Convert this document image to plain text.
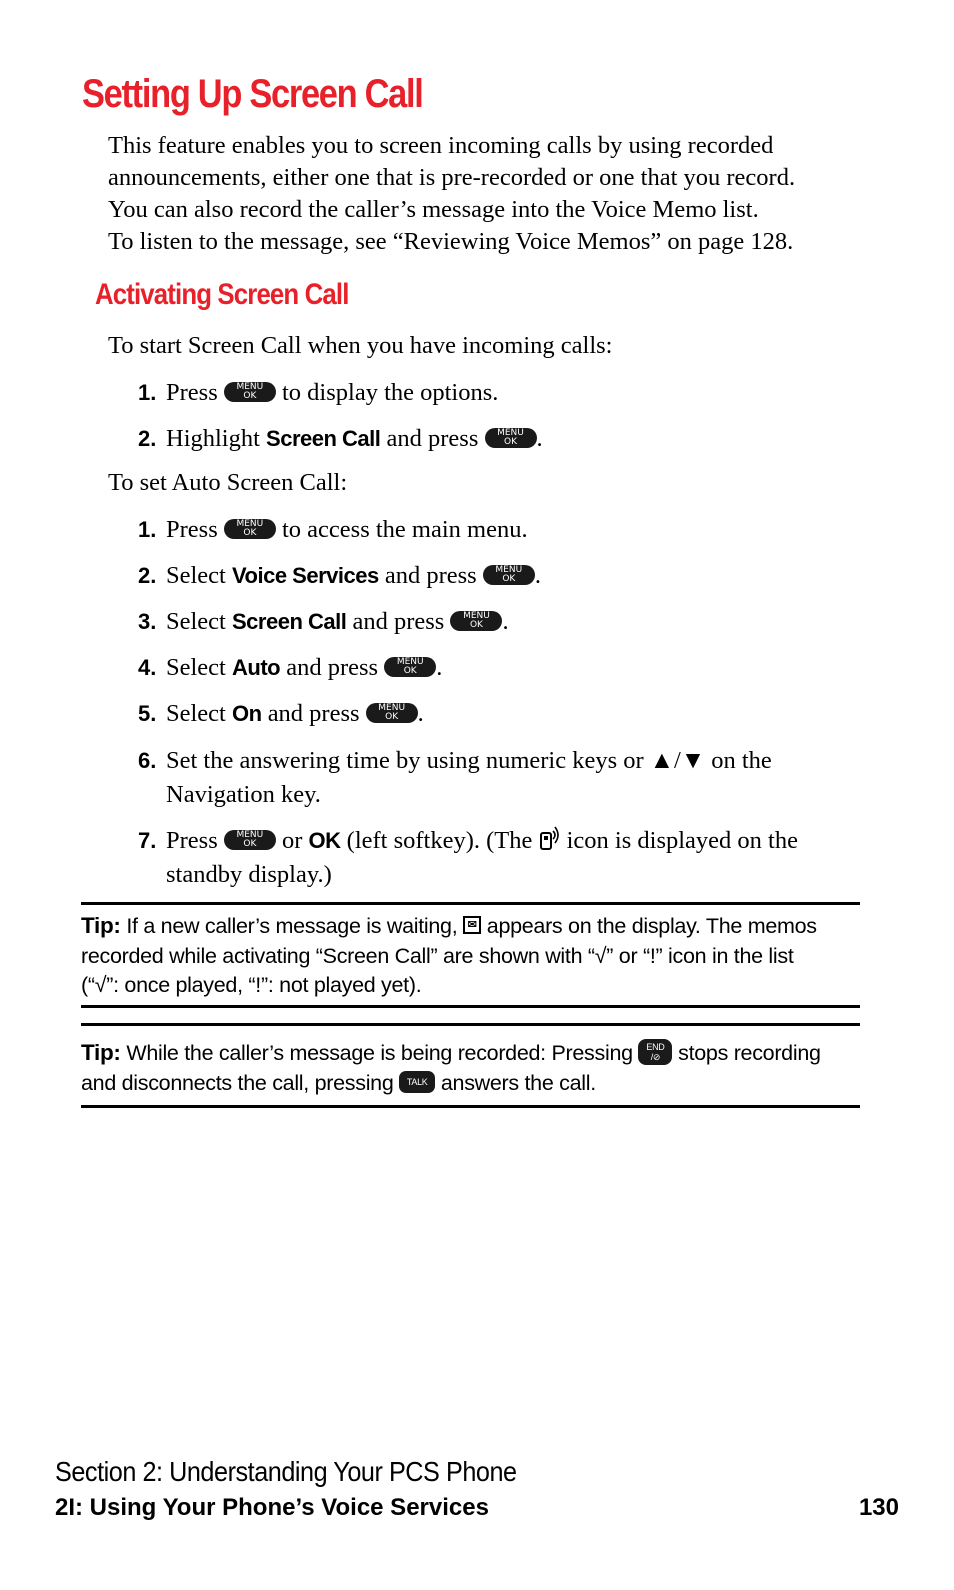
Setting Up Screen Call
This feature enables you to screen incoming calls by using recorded
announcements, either one that is pre-recorded or one that you record.
You can also record the caller’s message into the Voice Memo list.
To listen to the message, see “Reviewing Voice Memos” on page 128.
Activating Screen Call

To start Screen Call when you have incoming calls:

1. Press	MENU
OK	to display the options.
2. Highlight Screen Call and press	MENU
OK .

To set Auto Screen Call:

1. Press	MENU
OK	to access the main menu.
2. Select Voice Services and press	MENU
OK .
3. Select Screen Call and press	MENU
OK .
4. Select Auto and press	MENU
OK .
5. Select On and press	MENU
OK .
6. Set the answering time by using numeric keys or ▲/▼ on the
Navigation key.
7. Press	MENU
OK	or OK (left softkey). (The icon is displayed on the
standby display.)
Tip: If a new caller’s message is waiting, ✉ appears on the display. The memos
recorded while activating “Screen Call” are shown with “√” or “!” icon in the list
(“√”: once played, “!”: not played yet).
Tip: While the caller’s message is being recorded: Pressing	END
/⊘ stops recording
and disconnects the call, pressing TALK answers the call.

Section 2: Understanding Your PCS Phone

2I: Using Your Phone’s Voice Services	130
